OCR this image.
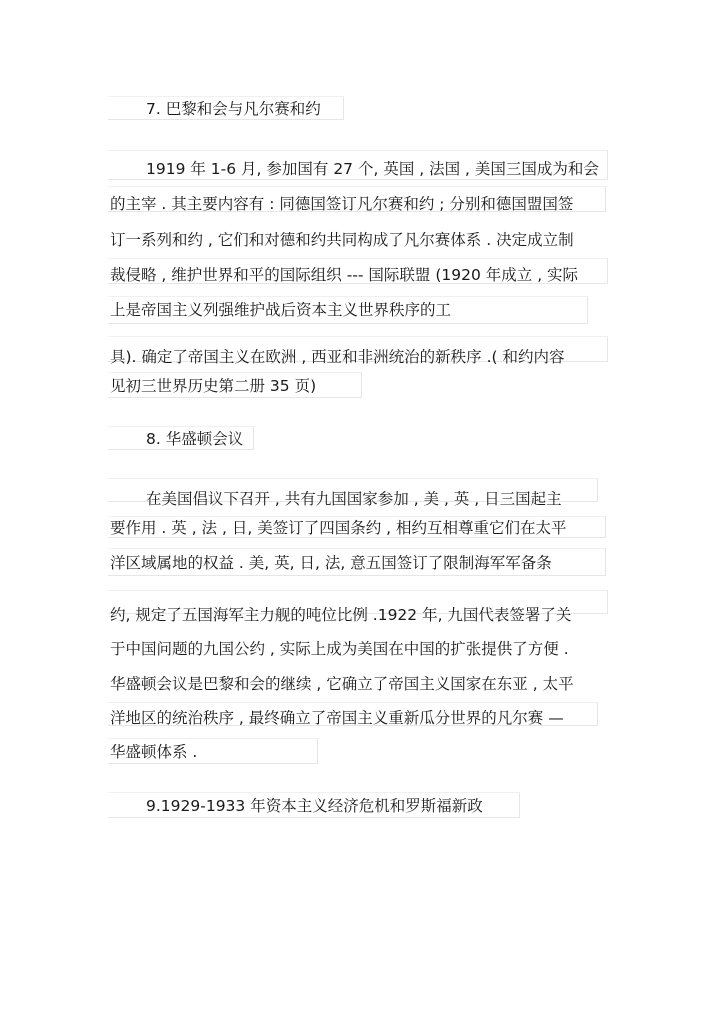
7. 巴黎和会与凡尔赛和约
1919 年 1-6 月, 参加国有 27 个, 英国 , 法国 , 美国三国成为和会
的主宰 . 其主要内容有 : 同德国签订凡尔赛和约 ; 分别和德国盟国签
订一系列和约 , 它们和对德和约共同构成了凡尔赛体系 . 决定成立制
裁侵略 , 维护世界和平的国际组织 --- 国际联盟 (1920 年成立 , 实际
上是帝国主义列强维护战后资本主义世界秩序的工
具). 确定了帝国主义在欧洲 , 西亚和非洲统治的新秩序 .( 和约内容
见初三世界历史第二册 35 页)
8. 华盛顿会议
在美国倡议下召开 , 共有九国国家参加 , 美 , 英 , 日三国起主
要作用 . 英 , 法 , 日, 美签订了四国条约 , 相约互相尊重它们在太平
洋区域属地的权益 . 美, 英, 日, 法, 意五国签订了限制海军军备条
约, 规定了五国海军主力舰的吨位比例 .1922 年, 九国代表签署了关
于中国问题的九国公约 , 实际上成为美国在中国的扩张提供了方便 .
华盛顿会议是巴黎和会的继续 , 它确立了帝国主义国家在东亚 , 太平
洋地区的统治秩序 , 最终确立了帝国主义重新瓜分世界的凡尔赛 —
华盛顿体系 .
9.1929-1933 年资本主义经济危机和罗斯福新政
